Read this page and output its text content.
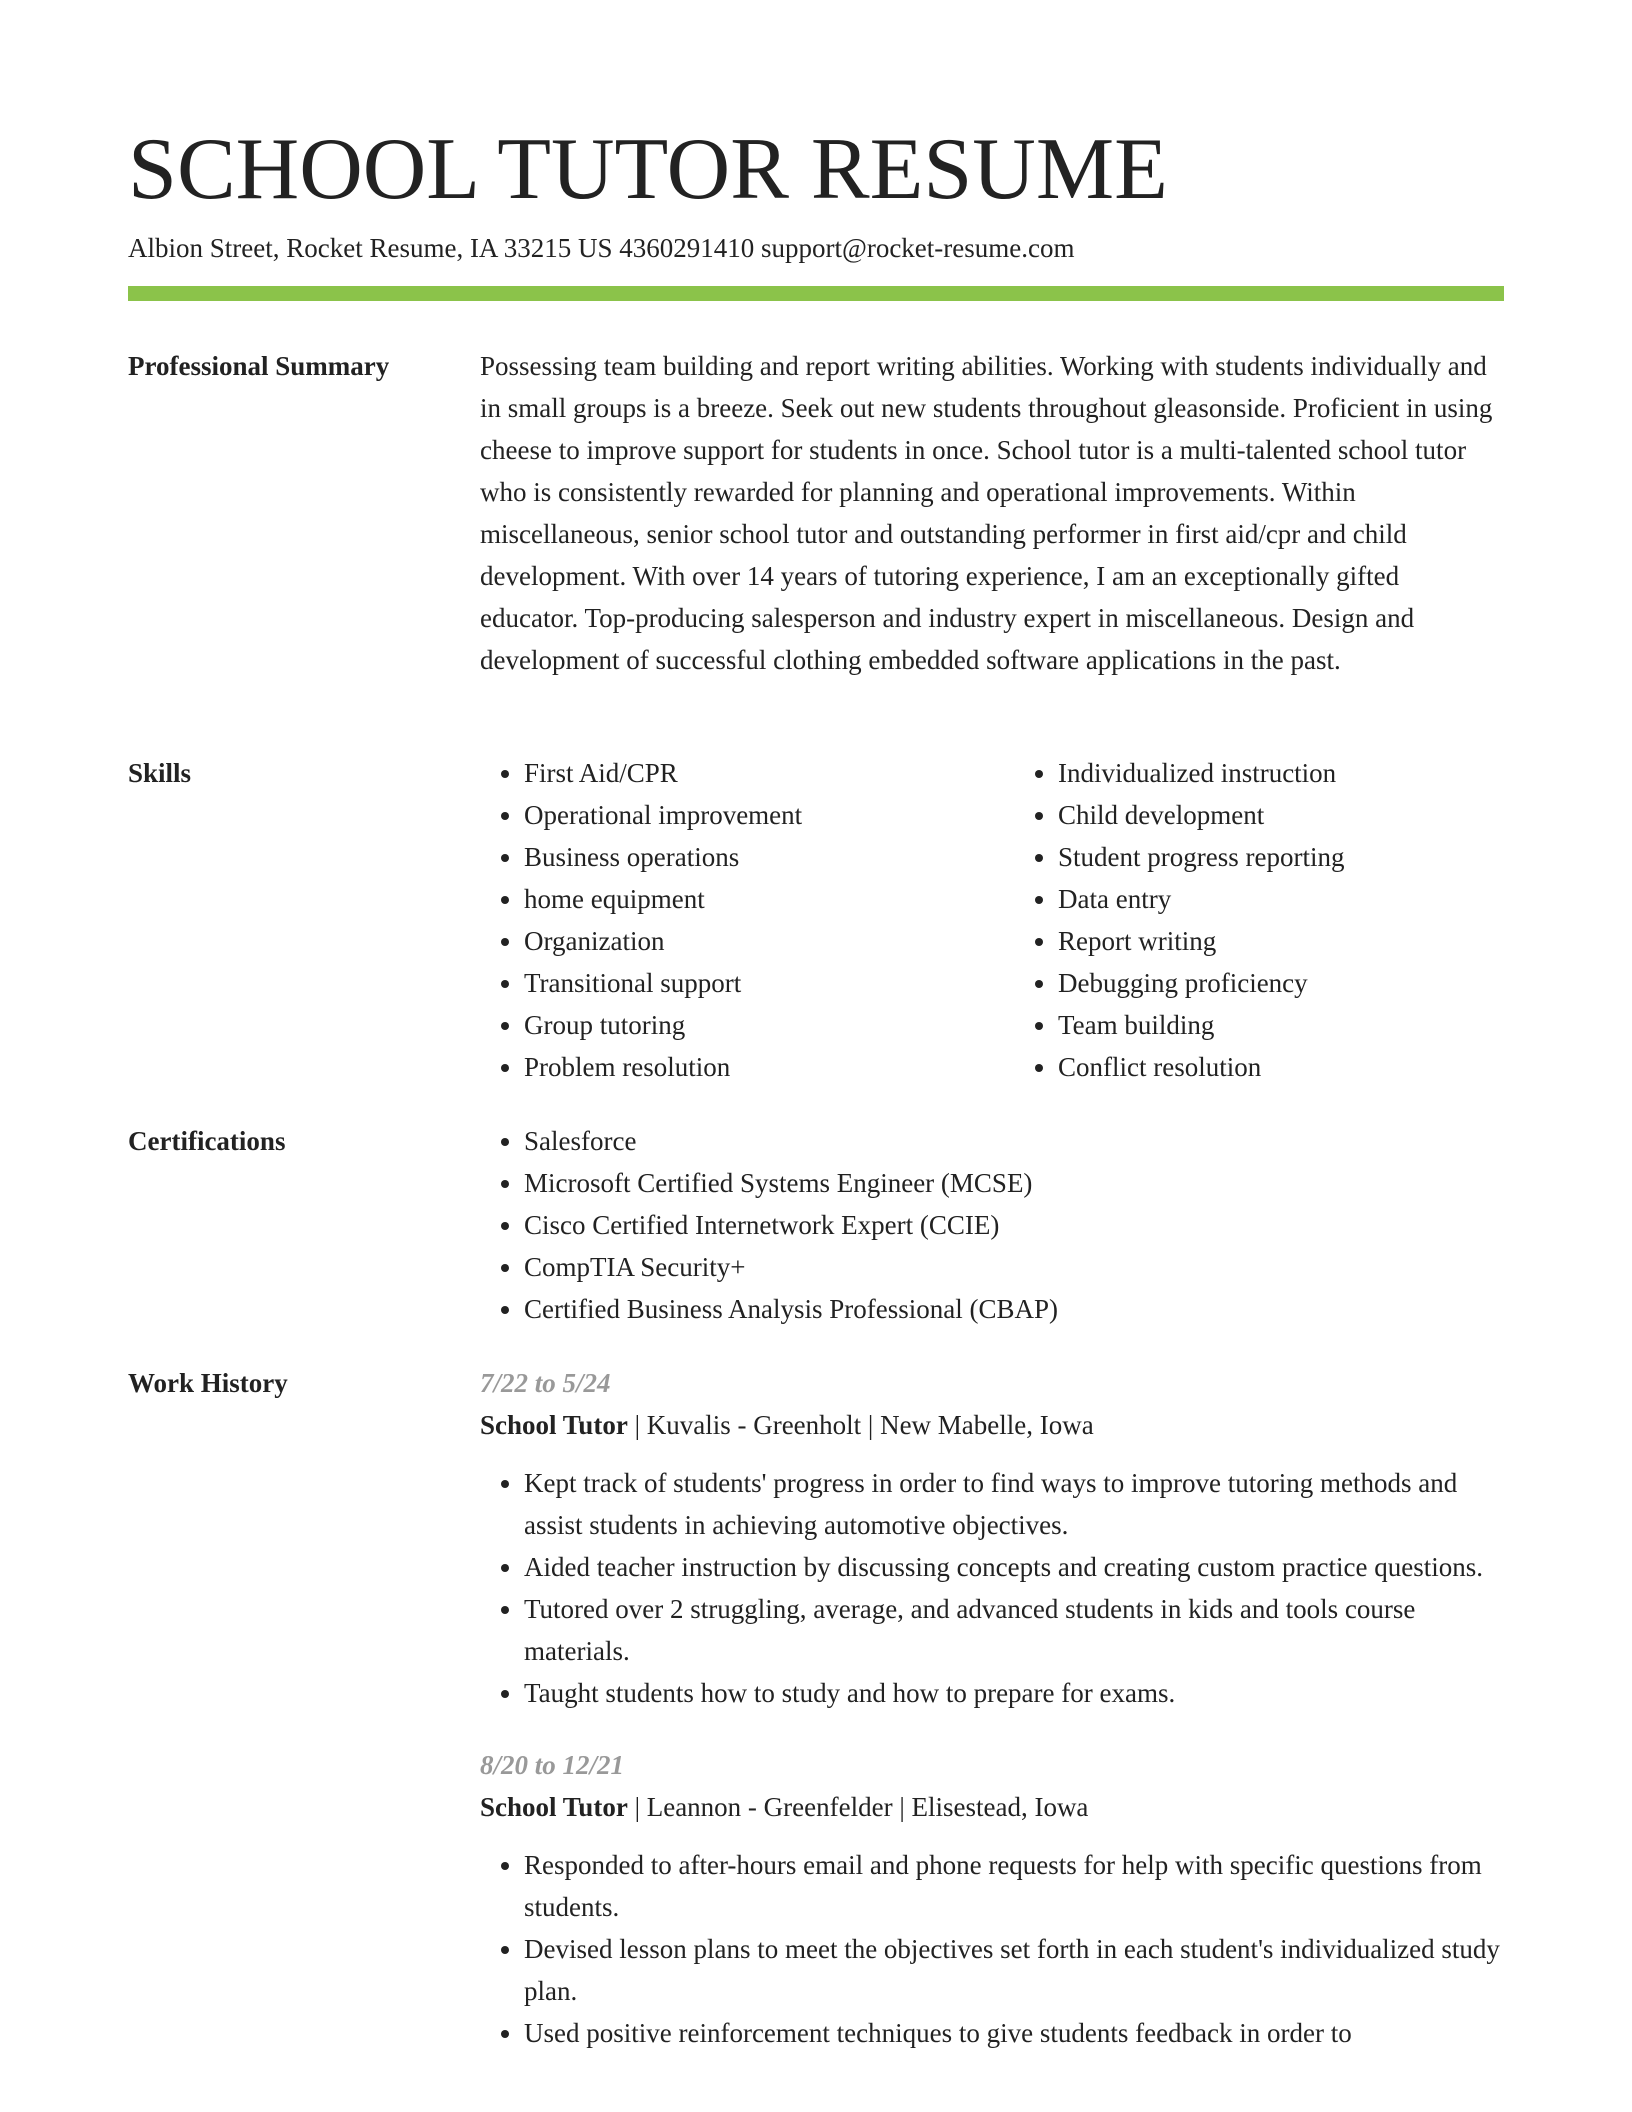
SCHOOL TUTOR RESUME
Albion Street, Rocket Resume, IA 33215 US 4360291410 support@rocket-resume.com
Professional Summary	Possessing team building and report writing abilities. Working with students individually and in small groups is a breeze. Seek out new students throughout gleasonside. Proficient in using cheese to improve support for students in once. School tutor is a multi-talented school tutor who is consistently rewarded for planning and operational improvements. Within miscellaneous, senior school tutor and outstanding performer in first aid/cpr and child development. With over 14 years of tutoring experience, I am an exceptionally gifted educator. Top-producing salesperson and industry expert in miscellaneous. Design and development of successful clothing embedded software applications in the past.

Skills	• First Aid/CPR
• Operational improvement
• Business operations
• home equipment
• Organization
• Transitional support
• Group tutoring
• Problem resolution
• Individualized instruction
• Child development
• Student progress reporting
• Data entry
• Report writing
• Debugging proficiency
• Team building
• Conflict resolution
Certifications	• Salesforce
• Microsoft Certified Systems Engineer (MCSE)
• Cisco Certified Internetwork Expert (CCIE)
• CompTIA Security+
• Certified Business Analysis Professional (CBAP)
Work History	7/22 to 5/24
School Tutor | Kuvalis - Greenholt | New Mabelle, Iowa
• Kept track of students' progress in order to find ways to improve tutoring methods and assist students in achieving automotive objectives.
• Aided teacher instruction by discussing concepts and creating custom practice questions.
• Tutored over 2 struggling, average, and advanced students in kids and tools course materials.
• Taught students how to study and how to prepare for exams.
8/20 to 12/21
School Tutor | Leannon - Greenfelder | Elisestead, Iowa
• Responded to after-hours email and phone requests for help with specific questions from students.
• Devised lesson plans to meet the objectives set forth in each student's individualized study plan.
• Used positive reinforcement techniques to give students feedback in order to
